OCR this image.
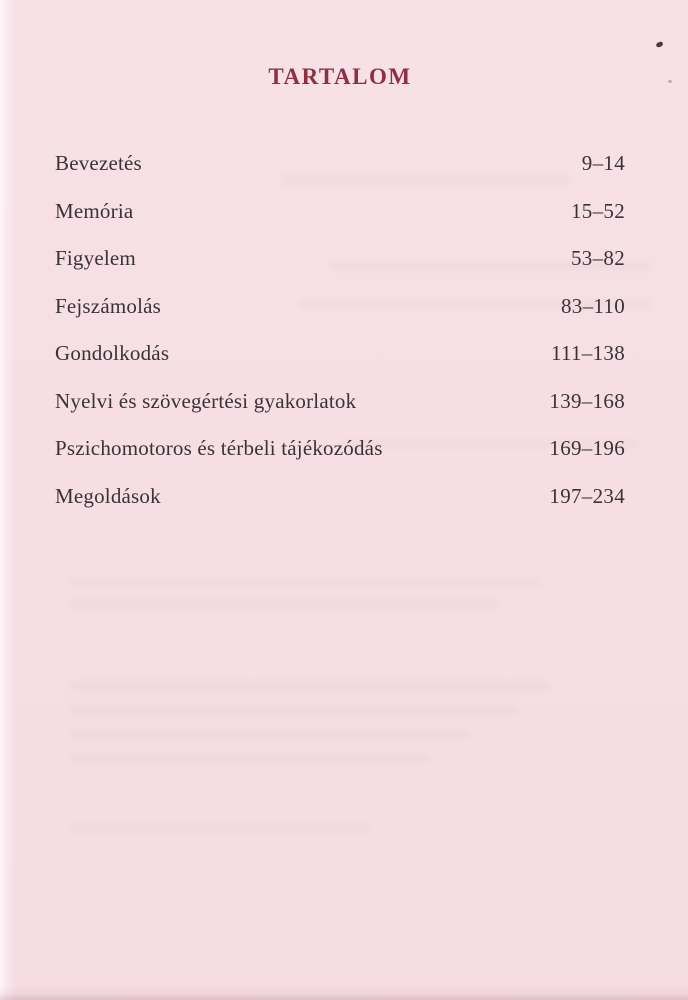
TARTALOM
Bevezetés	9–14
Memória	15–52
Figyelem	53–82
Fejszámolás	83–110
Gondolkodás	111–138
Nyelvi és szövegértési gyakorlatok	139–168
Pszichomotoros és térbeli tájékozódás	169–196
Megoldások	197–234
